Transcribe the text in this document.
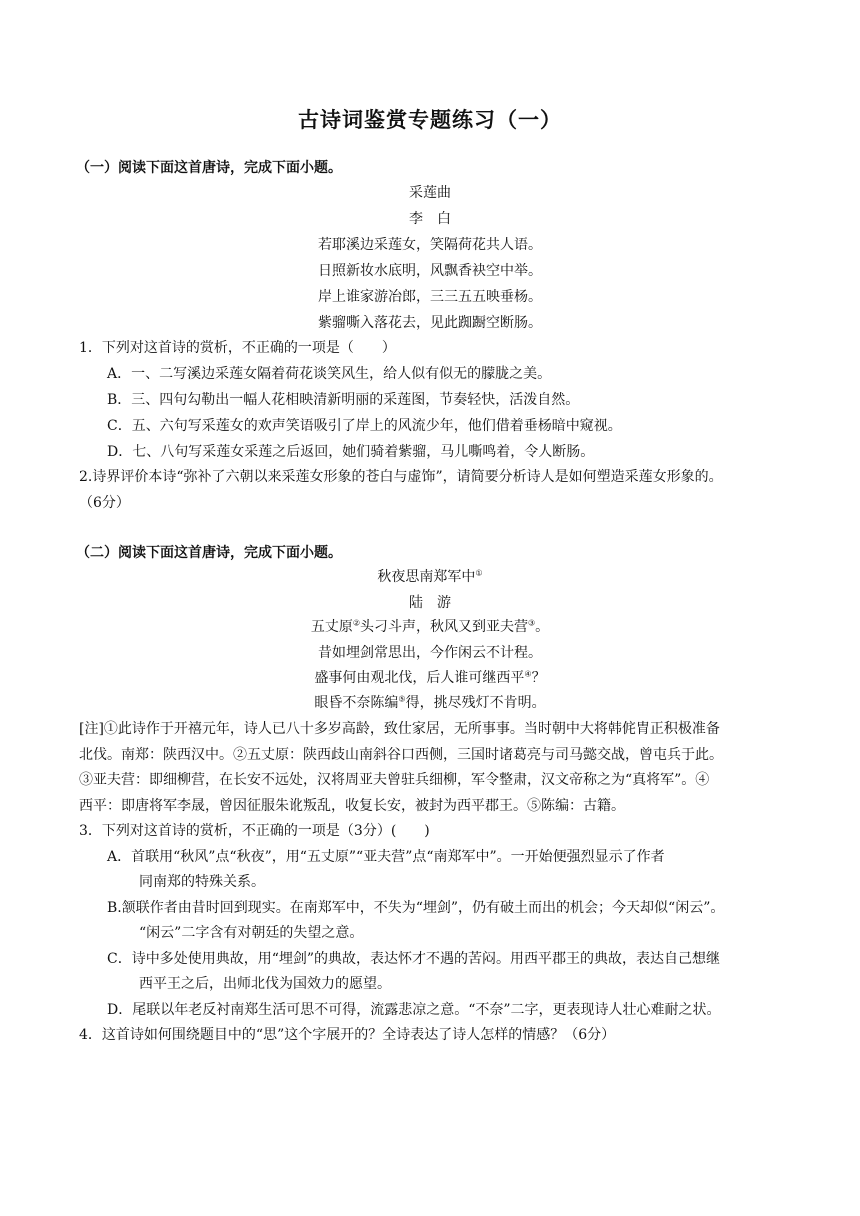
古诗词鉴赏专题练习（一）
（一）阅读下面这首唐诗，完成下面小题。
采莲曲
李　白
若耶溪边采莲女，笑隔荷花共人语。
日照新妆水底明，风飘香袂空中举。
岸上谁家游冶郎，三三五五映垂杨。
紫骝嘶入落花去，见此踟蹰空断肠。
1．下列对这首诗的赏析，不正确的一项是（　　）
A．一、二写溪边采莲女隔着荷花谈笑风生，给人似有似无的朦胧之美。
B．三、四句勾勒出一幅人花相映清新明丽的采莲图，节奏轻快，活泼自然。
C．五、六句写采莲女的欢声笑语吸引了岸上的风流少年，他们借着垂杨暗中窥视。
D．七、八句写采莲女采莲之后返回，她们骑着紫骝，马儿嘶鸣着，令人断肠。
2.诗界评价本诗“弥补了六朝以来采莲女形象的苍白与虚饰”，请简要分析诗人是如何塑造采莲女形象的。
（6分）
（二）阅读下面这首唐诗，完成下面小题。
秋夜思南郑军中①
陆　游
五丈原②头刁斗声，秋风又到亚夫营③。
昔如埋剑常思出，今作闲云不计程。
盛事何由观北伐，后人谁可继西平④？
眼昏不奈陈编⑤得，挑尽残灯不肯明。
[注]①此诗作于开禧元年，诗人已八十多岁高龄，致仕家居，无所事事。当时朝中大将韩侂胄正积极准备
北伐。南郑：陕西汉中。②五丈原：陕西歧山南斜谷口西侧，三国时诸葛亮与司马懿交战，曾屯兵于此。
③亚夫营：即细柳营，在长安不远处，汉将周亚夫曾驻兵细柳，军令整肃，汉文帝称之为“真将军”。④
西平：即唐将军李晟，曾因征服朱讹叛乱，收复长安，被封为西平郡王。⑤陈编：古籍。
3．下列对这首诗的赏析，不正确的一项是（3分）(　　)
A．首联用“秋风”点“秋夜”，用“五丈原”“亚夫营”点“南郑军中”。一开始便强烈显示了作者
同南郑的特殊关系。
B.颔联作者由昔时回到现实。在南郑军中，不失为“埋剑”，仍有破土而出的机会；今天却似“闲云”。
“闲云”二字含有对朝廷的失望之意。
C．诗中多处使用典故，用“埋剑”的典故，表达怀才不遇的苦闷。用西平郡王的典故，表达自己想继
西平王之后，出师北伐为国效力的愿望。
D．尾联以年老反衬南郑生活可思不可得，流露悲凉之意。“不奈”二字，更表现诗人壮心难耐之状。
4．这首诗如何围绕题目中的“思”这个字展开的？全诗表达了诗人怎样的情感？（6分）
